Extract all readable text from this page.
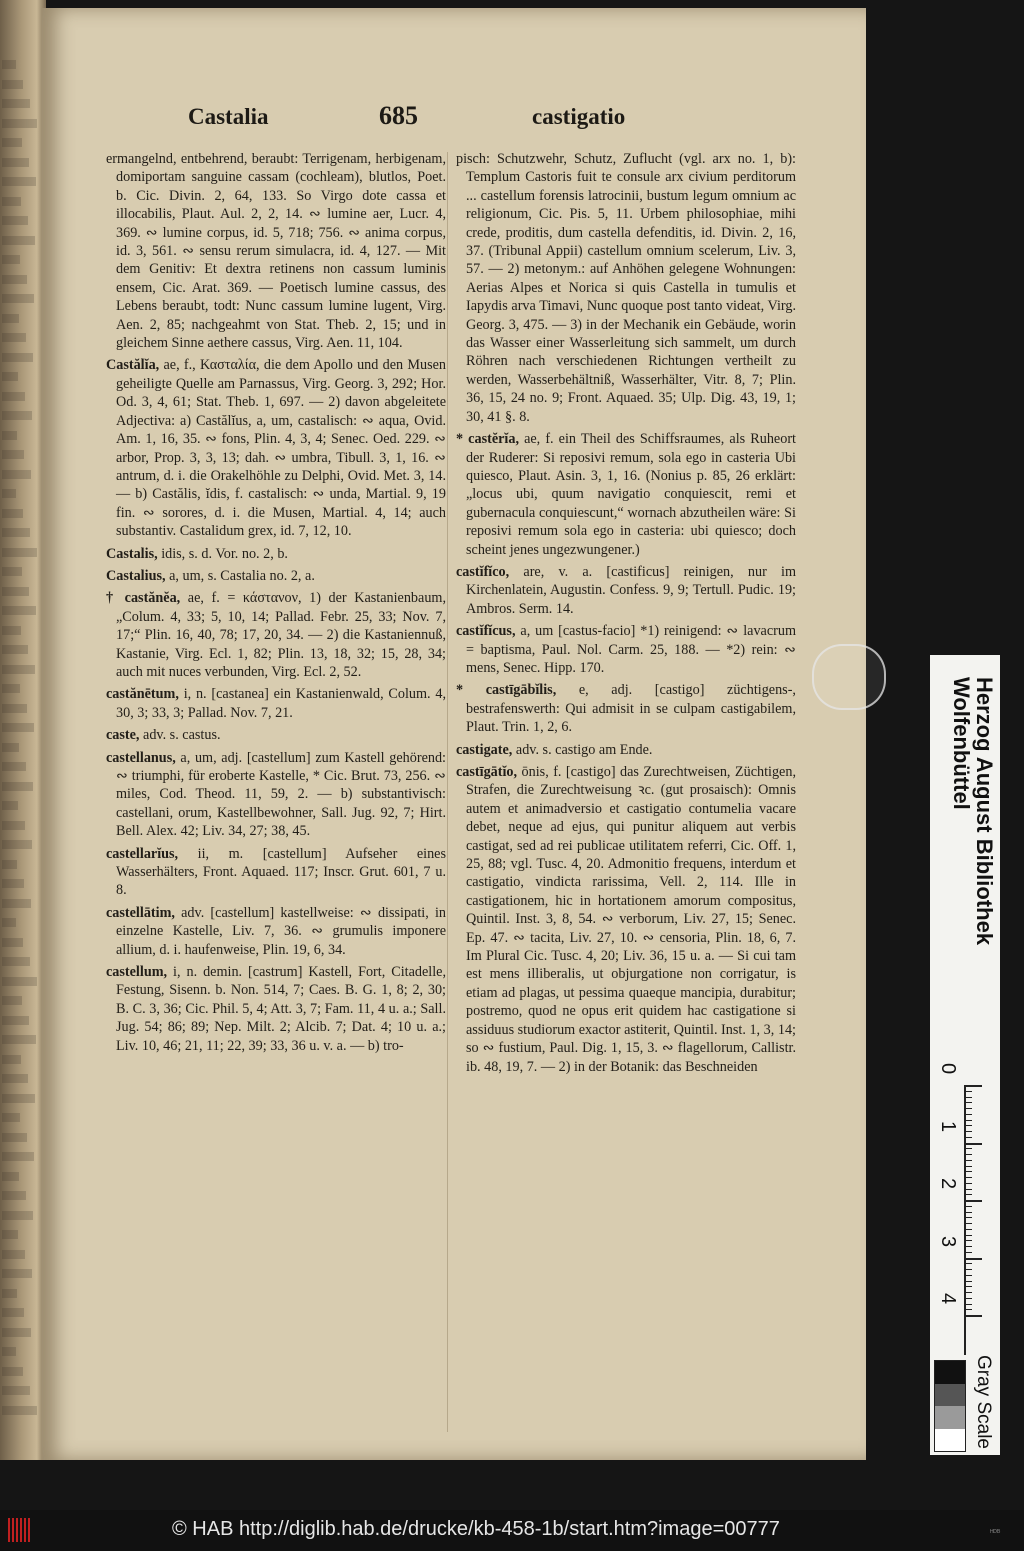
Castalia	685	castigatio

ermangelnd, entbehrend, beraubt: Terrigenam, herbigenam, domiportam sanguine cassam (cochleam), blutlos, Poet. b. Cic. Divin. 2, 64, 133. So Virgo dote cassa et illocabilis, Plaut. Aul. 2, 2, 14. ∾ lumine aer, Lucr. 4, 369. ∾ lumine corpus, id. 5, 718; 756. ∾ anima corpus, id. 3, 561. ∾ sensu rerum simulacra, id. 4, 127. — Mit dem Genitiv: Et dextra retinens non cassum luminis ensem, Cic. Arat. 369. — Poetisch lumine cassus, des Lebens beraubt, todt: Nunc cassum lumine lugent, Virg. Aen. 2, 85; nachgeahmt von Stat. Theb. 2, 15; und in gleichem Sinne aethere cassus, Virg. Aen. 11, 104.

Castălĭa, ae, f., Κασταλία, die dem Apollo und den Musen geheiligte Quelle am Parnassus, Virg. Georg. 3, 292; Hor. Od. 3, 4, 61; Stat. Theb. 1, 697. — 2) davon abgeleitete Adjectiva: a) Castălĭus, a, um, castalisch: ∾ aqua, Ovid. Am. 1, 16, 35. ∾ fons, Plin. 4, 3, 4; Senec. Oed. 229. ∾ arbor, Prop. 3, 3, 13; dah. ∾ umbra, Tibull. 3, 1, 16. ∾ antrum, d. i. die Orakelhöhle zu Delphi, Ovid. Met. 3, 14. — b) Castălis, ĭdis, f. castalisch: ∾ unda, Martial. 9, 19 fin. ∾ sorores, d. i. die Musen, Martial. 4, 14; auch substantiv. Castalidum grex, id. 7, 12, 10.

Castalis, idis, s. d. Vor. no. 2, b.

Castalius, a, um, s. Castalia no. 2, a.

† castănĕa, ae, f. = κάστανον, 1) der Kastanienbaum, „Colum. 4, 33; 5, 10, 14; Pallad. Febr. 25, 33; Nov. 7, 17;“ Plin. 16, 40, 78; 17, 20, 34. — 2) die Kastaniennuß, Kastanie, Virg. Ecl. 1, 82; Plin. 13, 18, 32; 15, 28, 34; auch mit nuces verbunden, Virg. Ecl. 2, 52.

castănētum, i, n. [castanea] ein Kastanienwald, Colum. 4, 30, 3; 33, 3; Pallad. Nov. 7, 21.

caste, adv. s. castus.

castellanus, a, um, adj. [castellum] zum Kastell gehörend: ∾ triumphi, für eroberte Kastelle, * Cic. Brut. 73, 256. ∾ miles, Cod. Theod. 11, 59, 2. — b) substantivisch: castellani, orum, Kastellbewohner, Sall. Jug. 92, 7; Hirt. Bell. Alex. 42; Liv. 34, 27; 38, 45.

castellarĭus, ii, m. [castellum] Aufseher eines Wasserhälters, Front. Aquaed. 117; Inscr. Grut. 601, 7 u. 8.

castellātim, adv. [castellum] kastellweise: ∾ dissipati, in einzelne Kastelle, Liv. 7, 36. ∾ grumulis imponere allium, d. i. haufenweise, Plin. 19, 6, 34.

castellum, i, n. demin. [castrum] Kastell, Fort, Citadelle, Festung, Sisenn. b. Non. 514, 7; Caes. B. G. 1, 8; 2, 30; B. C. 3, 36; Cic. Phil. 5, 4; Att. 3, 7; Fam. 11, 4 u. a.; Sall. Jug. 54; 86; 89; Nep. Milt. 2; Alcib. 7; Dat. 4; 10 u. a.; Liv. 10, 46; 21, 11; 22, 39; 33, 36 u. v. a. — b) tro-

pisch: Schutzwehr, Schutz, Zuflucht (vgl. arx no. 1, b): Templum Castoris fuit te consule arx civium perditorum ... castellum forensis latrocinii, bustum legum omnium ac religionum, Cic. Pis. 5, 11. Urbem philosophiae, mihi crede, proditis, dum castella defenditis, id. Divin. 2, 16, 37. (Tribunal Appii) castellum omnium scelerum, Liv. 3, 57. — 2) metonym.: auf Anhöhen gelegene Wohnungen: Aerias Alpes et Norica si quis Castella in tumulis et Iapydis arva Timavi, Nunc quoque post tanto videat, Virg. Georg. 3, 475. — 3) in der Mechanik ein Gebäude, worin das Wasser einer Wasserleitung sich sammelt, um durch Röhren nach verschiedenen Richtungen vertheilt zu werden, Wasserbehältniß, Wasserhälter, Vitr. 8, 7; Plin. 36, 15, 24 no. 9; Front. Aquaed. 35; Ulp. Dig. 43, 19, 1; 30, 41 §. 8.

* castĕrĭa, ae, f. ein Theil des Schiffsraumes, als Ruheort der Ruderer: Si reposivi remum, sola ego in casteria Ubi quiesco, Plaut. Asin. 3, 1, 16. (Nonius p. 85, 26 erklärt: „locus ubi, quum navigatio conquiescit, remi et gubernacula conquiescunt,“ wornach abzutheilen wäre: Si reposivi remum sola ego in casteria: ubi quiesco; doch scheint jenes ungezwungener.)

castĭfĭco, are, v. a. [castificus] reinigen, nur im Kirchenlatein, Augustin. Confess. 9, 9; Tertull. Pudic. 19; Ambros. Serm. 14.

castĭfĭcus, a, um [castus-facio] *1) reinigend: ∾ lavacrum = baptisma, Paul. Nol. Carm. 25, 188. — *2) rein: ∾ mens, Senec. Hipp. 170.

* castīgābĭlis, e, adj. [castigo] züchtigens-, bestrafenswerth: Qui admisit in se culpam castigabilem, Plaut. Trin. 1, 2, 6.

castigate, adv. s. castigo am Ende.

castīgātĭo, ōnis, f. [castigo] das Zurechtweisen, Züchtigen, Strafen, die Zurechtweisung ꝛc. (gut prosaisch): Omnis autem et animadversio et castigatio contumelia vacare debet, neque ad ejus, qui punitur aliquem aut verbis castigat, sed ad rei publicae utilitatem referri, Cic. Off. 1, 25, 88; vgl. Tusc. 4, 20. Admonitio frequens, interdum et castigatio, vindicta rarissima, Vell. 2, 114. Ille in castigationem, hic in hortationem amorum compositus, Quintil. Inst. 3, 8, 54. ∾ verborum, Liv. 27, 15; Senec. Ep. 47. ∾ tacita, Liv. 27, 10. ∾ censoria, Plin. 18, 6, 7. Im Plural Cic. Tusc. 4, 20; Liv. 36, 15 u. a. — Si cui tam est mens illiberalis, ut objurgatione non corrigatur, is etiam ad plagas, ut pessima quaeque mancipia, durabitur; postremo, quod ne opus erit quidem hac castigatione si assiduus studiorum exactor astiterit, Quintil. Inst. 1, 3, 14; so ∾ fustium, Paul. Dig. 1, 15, 3. ∾ flagellorum, Callistr. ib. 48, 19, 7. — 2) in der Botanik: das Beschneiden

Herzog August Bibliothek
Wolfenbüttel
0
1
2
3
4
Gray Scale
© HAB http://diglib.hab.de/drucke/kb-458-1b/start.htm?image=00777	ᴴᴰᴮ
